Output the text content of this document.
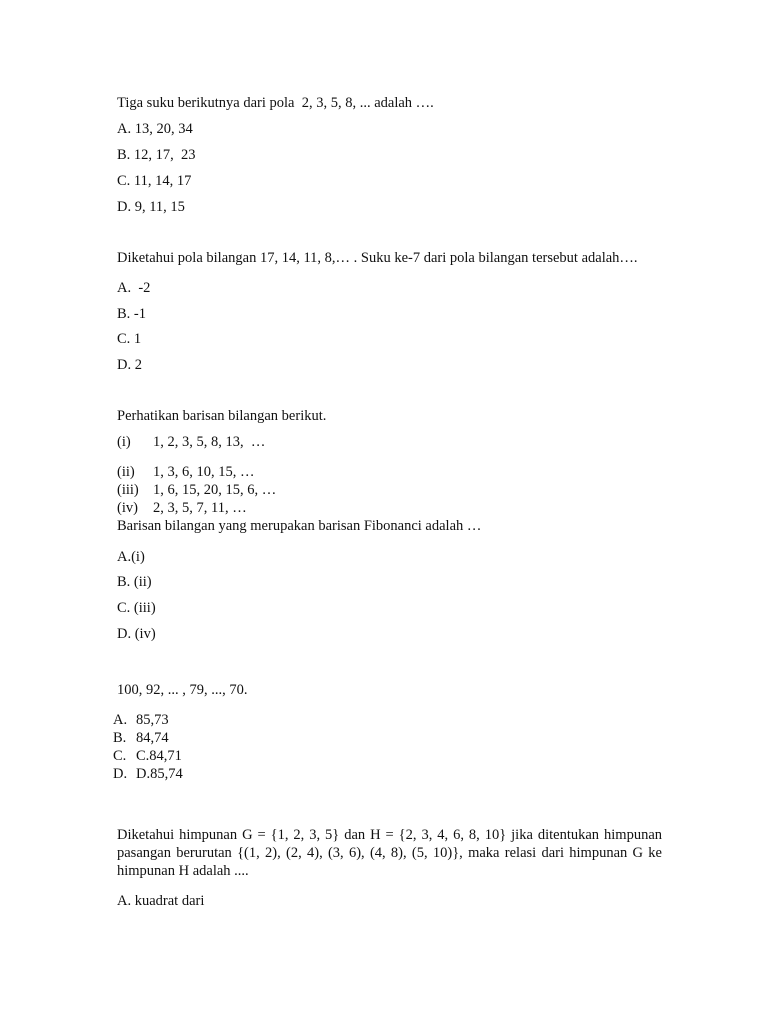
Tiga suku berikutnya dari pola  2, 3, 5, 8, ... adalah ….
A. 13, 20, 34
B. 12, 17,  23
C. 11, 14, 17
D. 9, 11, 15
Diketahui pola bilangan 17, 14, 11, 8,… . Suku ke-7 dari pola bilangan tersebut adalah….
A.  -2
B. -1
C. 1
D. 2
Perhatikan barisan bilangan berikut.
(i) 1, 2, 3, 5, 8, 13,  …
(ii) 1, 3, 6, 10, 15, …
(iii) 1, 6, 15, 20, 15, 6, …
(iv) 2, 3, 5, 7, 11, …
Barisan bilangan yang merupakan barisan Fibonanci adalah …
A.(i)
B. (ii)
C. (iii)
D. (iv)
100, 92, ... , 79, ..., 70.
A. 85,73
B. 84,74
C. C.84,71
D. D.85,74
Diketahui himpunan G = {1, 2, 3, 5} dan H = {2, 3, 4, 6, 8, 10} jika ditentukan himpunan pasangan berurutan {(1, 2), (2, 4), (3, 6), (4, 8), (5, 10)}, maka relasi dari himpunan G ke himpunan H adalah ....
A. kuadrat dari
